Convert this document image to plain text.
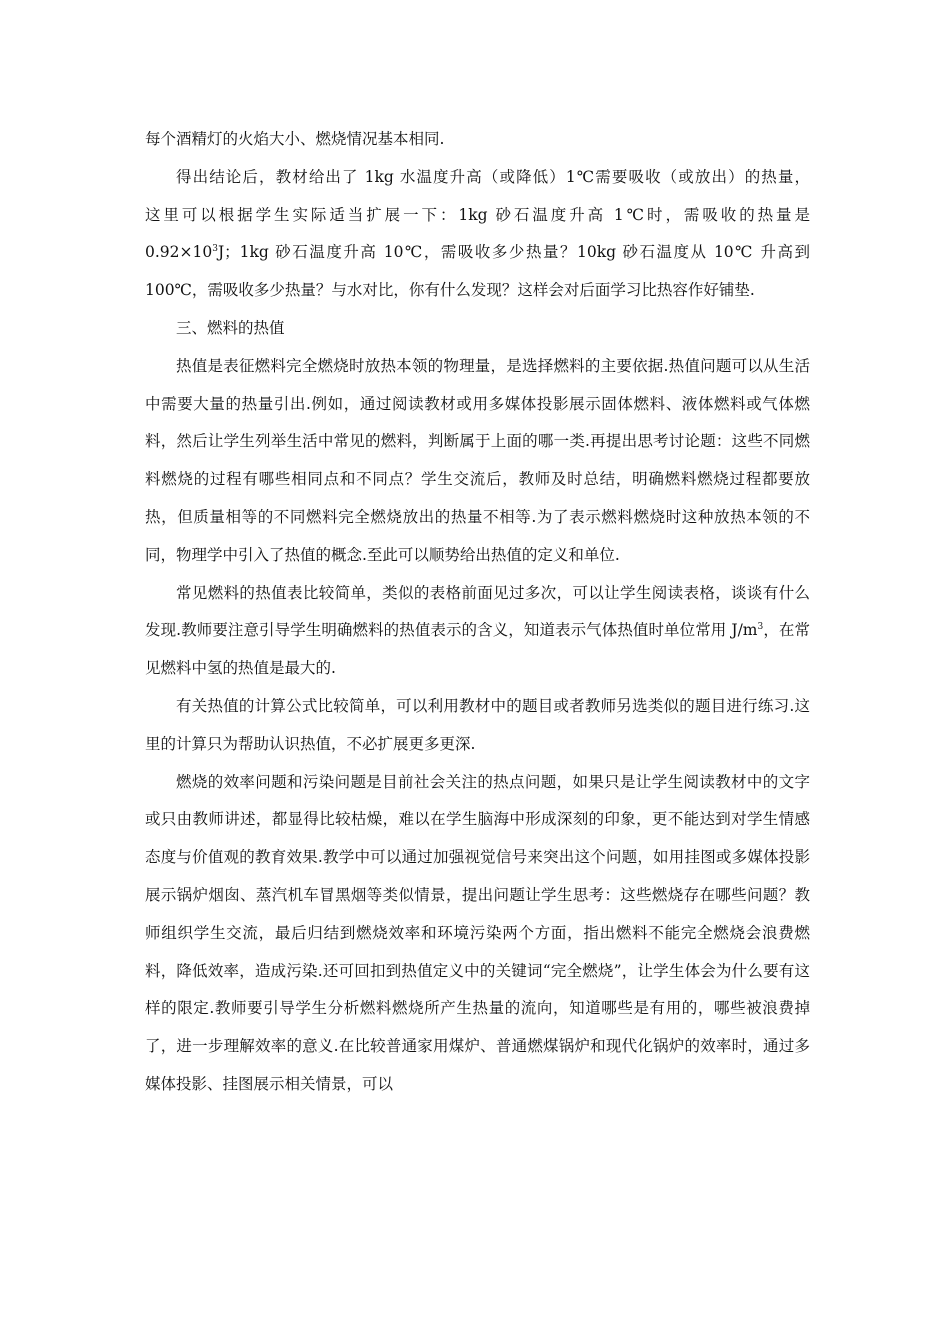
每个酒精灯的火焰大小、燃烧情况基本相同.

得出结论后，教材给出了 1kg 水温度升高（或降低）1℃需要吸收（或放出）的热量，
这里可以根据学生实际适当扩展一下：1kg 砂石温度升高 1℃时，需吸收的热量是
$0.92\times 10^3J$；1kg 砂石温度升高 10℃，需吸收多少热量？10kg 砂石温度从 10℃ 升高到
100℃，需吸收多少热量？与水对比，你有什么发现？这样会对后面学习比热容作好铺垫.

三、燃料的热值

热值是表征燃料完全燃烧时放热本领的物理量，是选择燃料的主要依据.热值问题可以从生活中需要大量的热量引出.例如，通过阅读教材或用多媒体投影展示固体燃料、液体燃料或气体燃料，然后让学生列举生活中常见的燃料，判断属于上面的哪一类.再提出思考讨论题：这些不同燃料燃烧的过程有哪些相同点和不同点？学生交流后，教师及时总结，明确燃料燃烧过程都要放热，但质量相等的不同燃料完全燃烧放出的热量不相等.为了表示燃料燃烧时这种放热本领的不同，物理学中引入了热值的概念.至此可以顺势给出热值的定义和单位.

常见燃料的热值表比较简单，类似的表格前面见过多次，可以让学生阅读表格，谈谈有什么发现.教师要注意引导学生明确燃料的热值表示的含义，知道表示气体热值时单位常用 $J/m^3$，在常见燃料中氢的热值是最大的.

有关热值的计算公式比较简单，可以利用教材中的题目或者教师另选类似的题目进行练习.这里的计算只为帮助认识热值，不必扩展更多更深.

燃烧的效率问题和污染问题是目前社会关注的热点问题，如果只是让学生阅读教材中的文字或只由教师讲述，都显得比较枯燥，难以在学生脑海中形成深刻的印象，更不能达到对学生情感态度与价值观的教育效果.教学中可以通过加强视觉信号来突出这个问题，如用挂图或多媒体投影展示锅炉烟囱、蒸汽机车冒黑烟等类似情景，提出问题让学生思考：这些燃烧存在哪些问题？教师组织学生交流，最后归结到燃烧效率和环境污染两个方面，指出燃料不能完全燃烧会浪费燃料，降低效率，造成污染.还可回扣到热值定义中的关键词“完全燃烧”，让学生体会为什么要有这样的限定.教师要引导学生分析燃料燃烧所产生热量的流向，知道哪些是有用的，哪些被浪费掉了，进一步理解效率的意义.在比较普通家用煤炉、普通燃煤锅炉和现代化锅炉的效率时，通过多媒体投影、挂图展示相关情景，可以
